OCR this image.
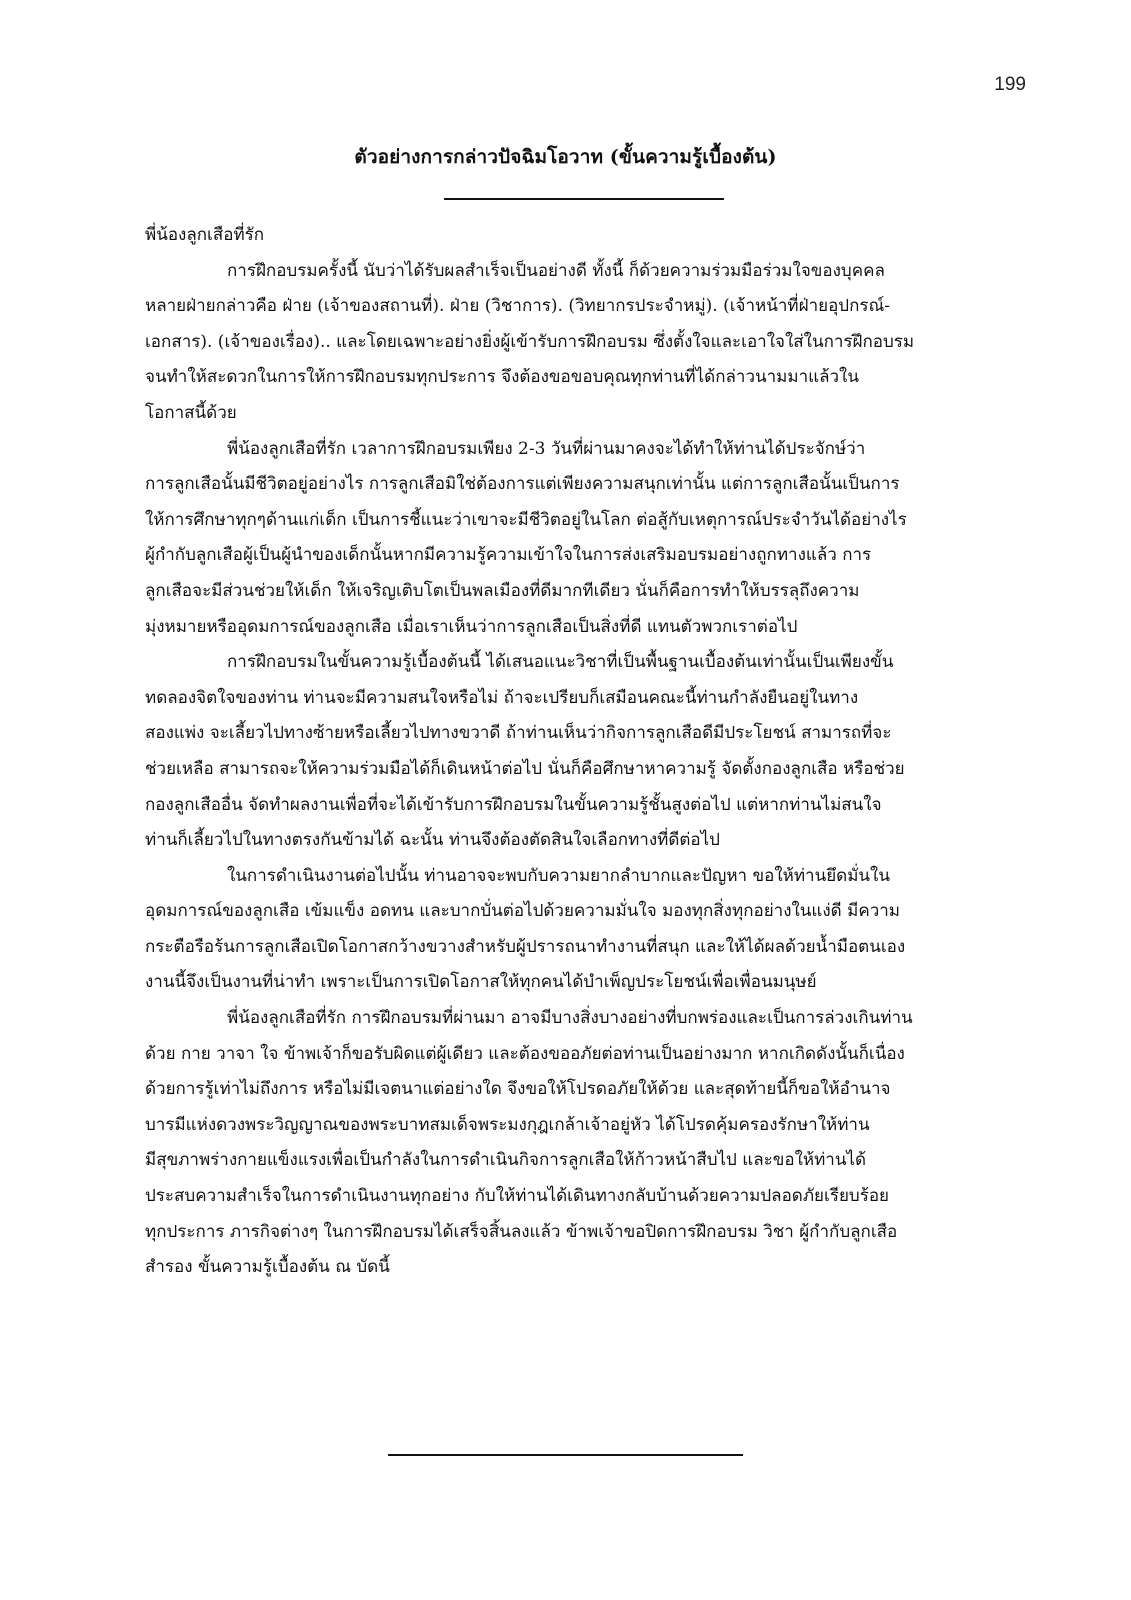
199
ตัวอย่างการกล่าวปัจฉิมโอวาท (ขั้นความรู้เบื้องต้น)
พี่น้องลูกเสือที่รัก
การฝึกอบรมครั้งนี้ นับว่าได้รับผลสำเร็จเป็นอย่างดี ทั้งนี้ ก็ด้วยความร่วมมือร่วมใจของบุคคล
หลายฝ่ายกล่าวคือ ฝ่าย (เจ้าของสถานที่). ฝ่าย (วิชาการ). (วิทยากรประจำหมู่). (เจ้าหน้าที่ฝ่ายอุปกรณ์-
เอกสาร). (เจ้าของเรื่อง).. และโดยเฉพาะอย่างยิ่งผู้เข้ารับการฝึกอบรม ซึ่งตั้งใจและเอาใจใส่ในการฝึกอบรม
จนทำให้สะดวกในการให้การฝึกอบรมทุกประการ จึงต้องขอขอบคุณทุกท่านที่ได้กล่าวนามมาแล้วใน
โอกาสนี้ด้วย
พี่น้องลูกเสือที่รัก เวลาการฝึกอบรมเพียง 2-3 วันที่ผ่านมาคงจะได้ทำให้ท่านได้ประจักษ์ว่า
การลูกเสือนั้นมีชีวิตอยู่อย่างไร การลูกเสือมิใช่ต้องการแต่เพียงความสนุกเท่านั้น แต่การลูกเสือนั้นเป็นการ
ให้การศึกษาทุกๆด้านแก่เด็ก เป็นการชี้แนะว่าเขาจะมีชีวิตอยู่ในโลก ต่อสู้กับเหตุการณ์ประจำวันได้อย่างไร
ผู้กำกับลูกเสือผู้เป็นผู้นำของเด็กนั้นหากมีความรู้ความเข้าใจในการส่งเสริมอบรมอย่างถูกทางแล้ว การ
ลูกเสือจะมีส่วนช่วยให้เด็ก ให้เจริญเติบโตเป็นพลเมืองที่ดีมากทีเดียว นั่นก็คือการทำให้บรรลุถึงความ
มุ่งหมายหรืออุดมการณ์ของลูกเสือ เมื่อเราเห็นว่าการลูกเสือเป็นสิ่งที่ดี แทนตัวพวกเราต่อไป
การฝึกอบรมในขั้นความรู้เบื้องต้นนี้ ได้เสนอแนะวิชาที่เป็นพื้นฐานเบื้องต้นเท่านั้นเป็นเพียงขั้น
ทดลองจิตใจของท่าน ท่านจะมีความสนใจหรือไม่ ถ้าจะเปรียบก็เสมือนคณะนี้ท่านกำลังยืนอยู่ในทาง
สองแพ่ง จะเลี้ยวไปทางซ้ายหรือเลี้ยวไปทางขวาดี ถ้าท่านเห็นว่ากิจการลูกเสือดีมีประโยชน์ สามารถที่จะ
ช่วยเหลือ สามารถจะให้ความร่วมมือได้ก็เดินหน้าต่อไป นั่นก็คือศึกษาหาความรู้ จัดตั้งกองลูกเสือ หรือช่วย
กองลูกเสืออื่น จัดทำผลงานเพื่อที่จะได้เข้ารับการฝึกอบรมในขั้นความรู้ชั้นสูงต่อไป แต่หากท่านไม่สนใจ
ท่านก็เลี้ยวไปในทางตรงกันข้ามได้ ฉะนั้น ท่านจึงต้องตัดสินใจเลือกทางที่ดีต่อไป
ในการดำเนินงานต่อไปนั้น ท่านอาจจะพบกับความยากลำบากและปัญหา ขอให้ท่านยึดมั่นใน
อุดมการณ์ของลูกเสือ เข้มแข็ง อดทน และบากบั่นต่อไปด้วยความมั่นใจ มองทุกสิ่งทุกอย่างในแง่ดี มีความ
กระตือรือร้นการลูกเสือเปิดโอกาสกว้างขวางสำหรับผู้ปรารถนาทำงานที่สนุก และให้ได้ผลด้วยน้ำมือตนเอง
งานนี้จึงเป็นงานที่น่าทำ เพราะเป็นการเปิดโอกาสให้ทุกคนได้บำเพ็ญประโยชน์เพื่อเพื่อนมนุษย์
พี่น้องลูกเสือที่รัก การฝึกอบรมที่ผ่านมา อาจมีบางสิ่งบางอย่างที่บกพร่องและเป็นการล่วงเกินท่าน
ด้วย กาย วาจา ใจ ข้าพเจ้าก็ขอรับผิดแต่ผู้เดียว และต้องขออภัยต่อท่านเป็นอย่างมาก หากเกิดดังนั้นก็เนื่อง
ด้วยการรู้เท่าไม่ถึงการ หรือไม่มีเจตนาแต่อย่างใด จึงขอให้โปรดอภัยให้ด้วย และสุดท้ายนี้ก็ขอให้อำนาจ
บารมีแห่งดวงพระวิญญาณของพระบาทสมเด็จพระมงกุฎเกล้าเจ้าอยู่หัว ได้โปรดคุ้มครองรักษาให้ท่าน
มีสุขภาพร่างกายแข็งแรงเพื่อเป็นกำลังในการดำเนินกิจการลูกเสือให้ก้าวหน้าสืบไป และขอให้ท่านได้
ประสบความสำเร็จในการดำเนินงานทุกอย่าง กับให้ท่านได้เดินทางกลับบ้านด้วยความปลอดภัยเรียบร้อย
ทุกประการ ภารกิจต่างๆ ในการฝึกอบรมได้เสร็จสิ้นลงแล้ว ข้าพเจ้าขอปิดการฝึกอบรม วิชา ผู้กำกับลูกเสือ
สำรอง ขั้นความรู้เบื้องต้น ณ บัดนี้
